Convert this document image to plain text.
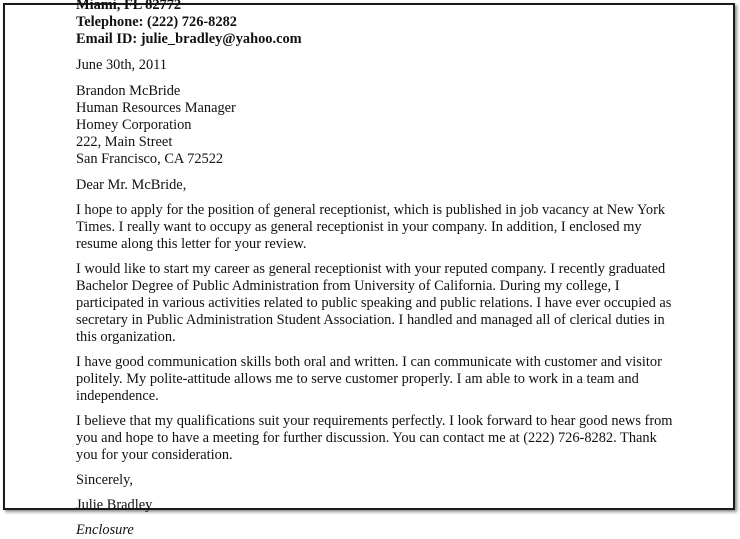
Miami, FL 82772
Telephone: (222) 726-8282
Email ID: julie_bradley@yahoo.com
June 30th, 2011
Brandon McBride
Human Resources Manager
Homey Corporation
222, Main Street
San Francisco, CA 72522
Dear Mr. McBride,
I hope to apply for the position of general receptionist, which is published in job vacancy at New York
Times. I really want to occupy as general receptionist in your company. In addition, I enclosed my
resume along this letter for your review.
I would like to start my career as general receptionist with your reputed company. I recently graduated
Bachelor Degree of Public Administration from University of California. During my college, I
participated in various activities related to public speaking and public relations. I have ever occupied as
secretary in Public Administration Student Association. I handled and managed all of clerical duties in
this organization.
I have good communication skills both oral and written. I can communicate with customer and visitor
politely. My polite-attitude allows me to serve customer properly. I am able to work in a team and
independence.
I believe that my qualifications suit your requirements perfectly. I look forward to hear good news from
you and hope to have a meeting for further discussion. You can contact me at (222) 726-8282. Thank
you for your consideration.
Sincerely,
Julie Bradley
Enclosure
